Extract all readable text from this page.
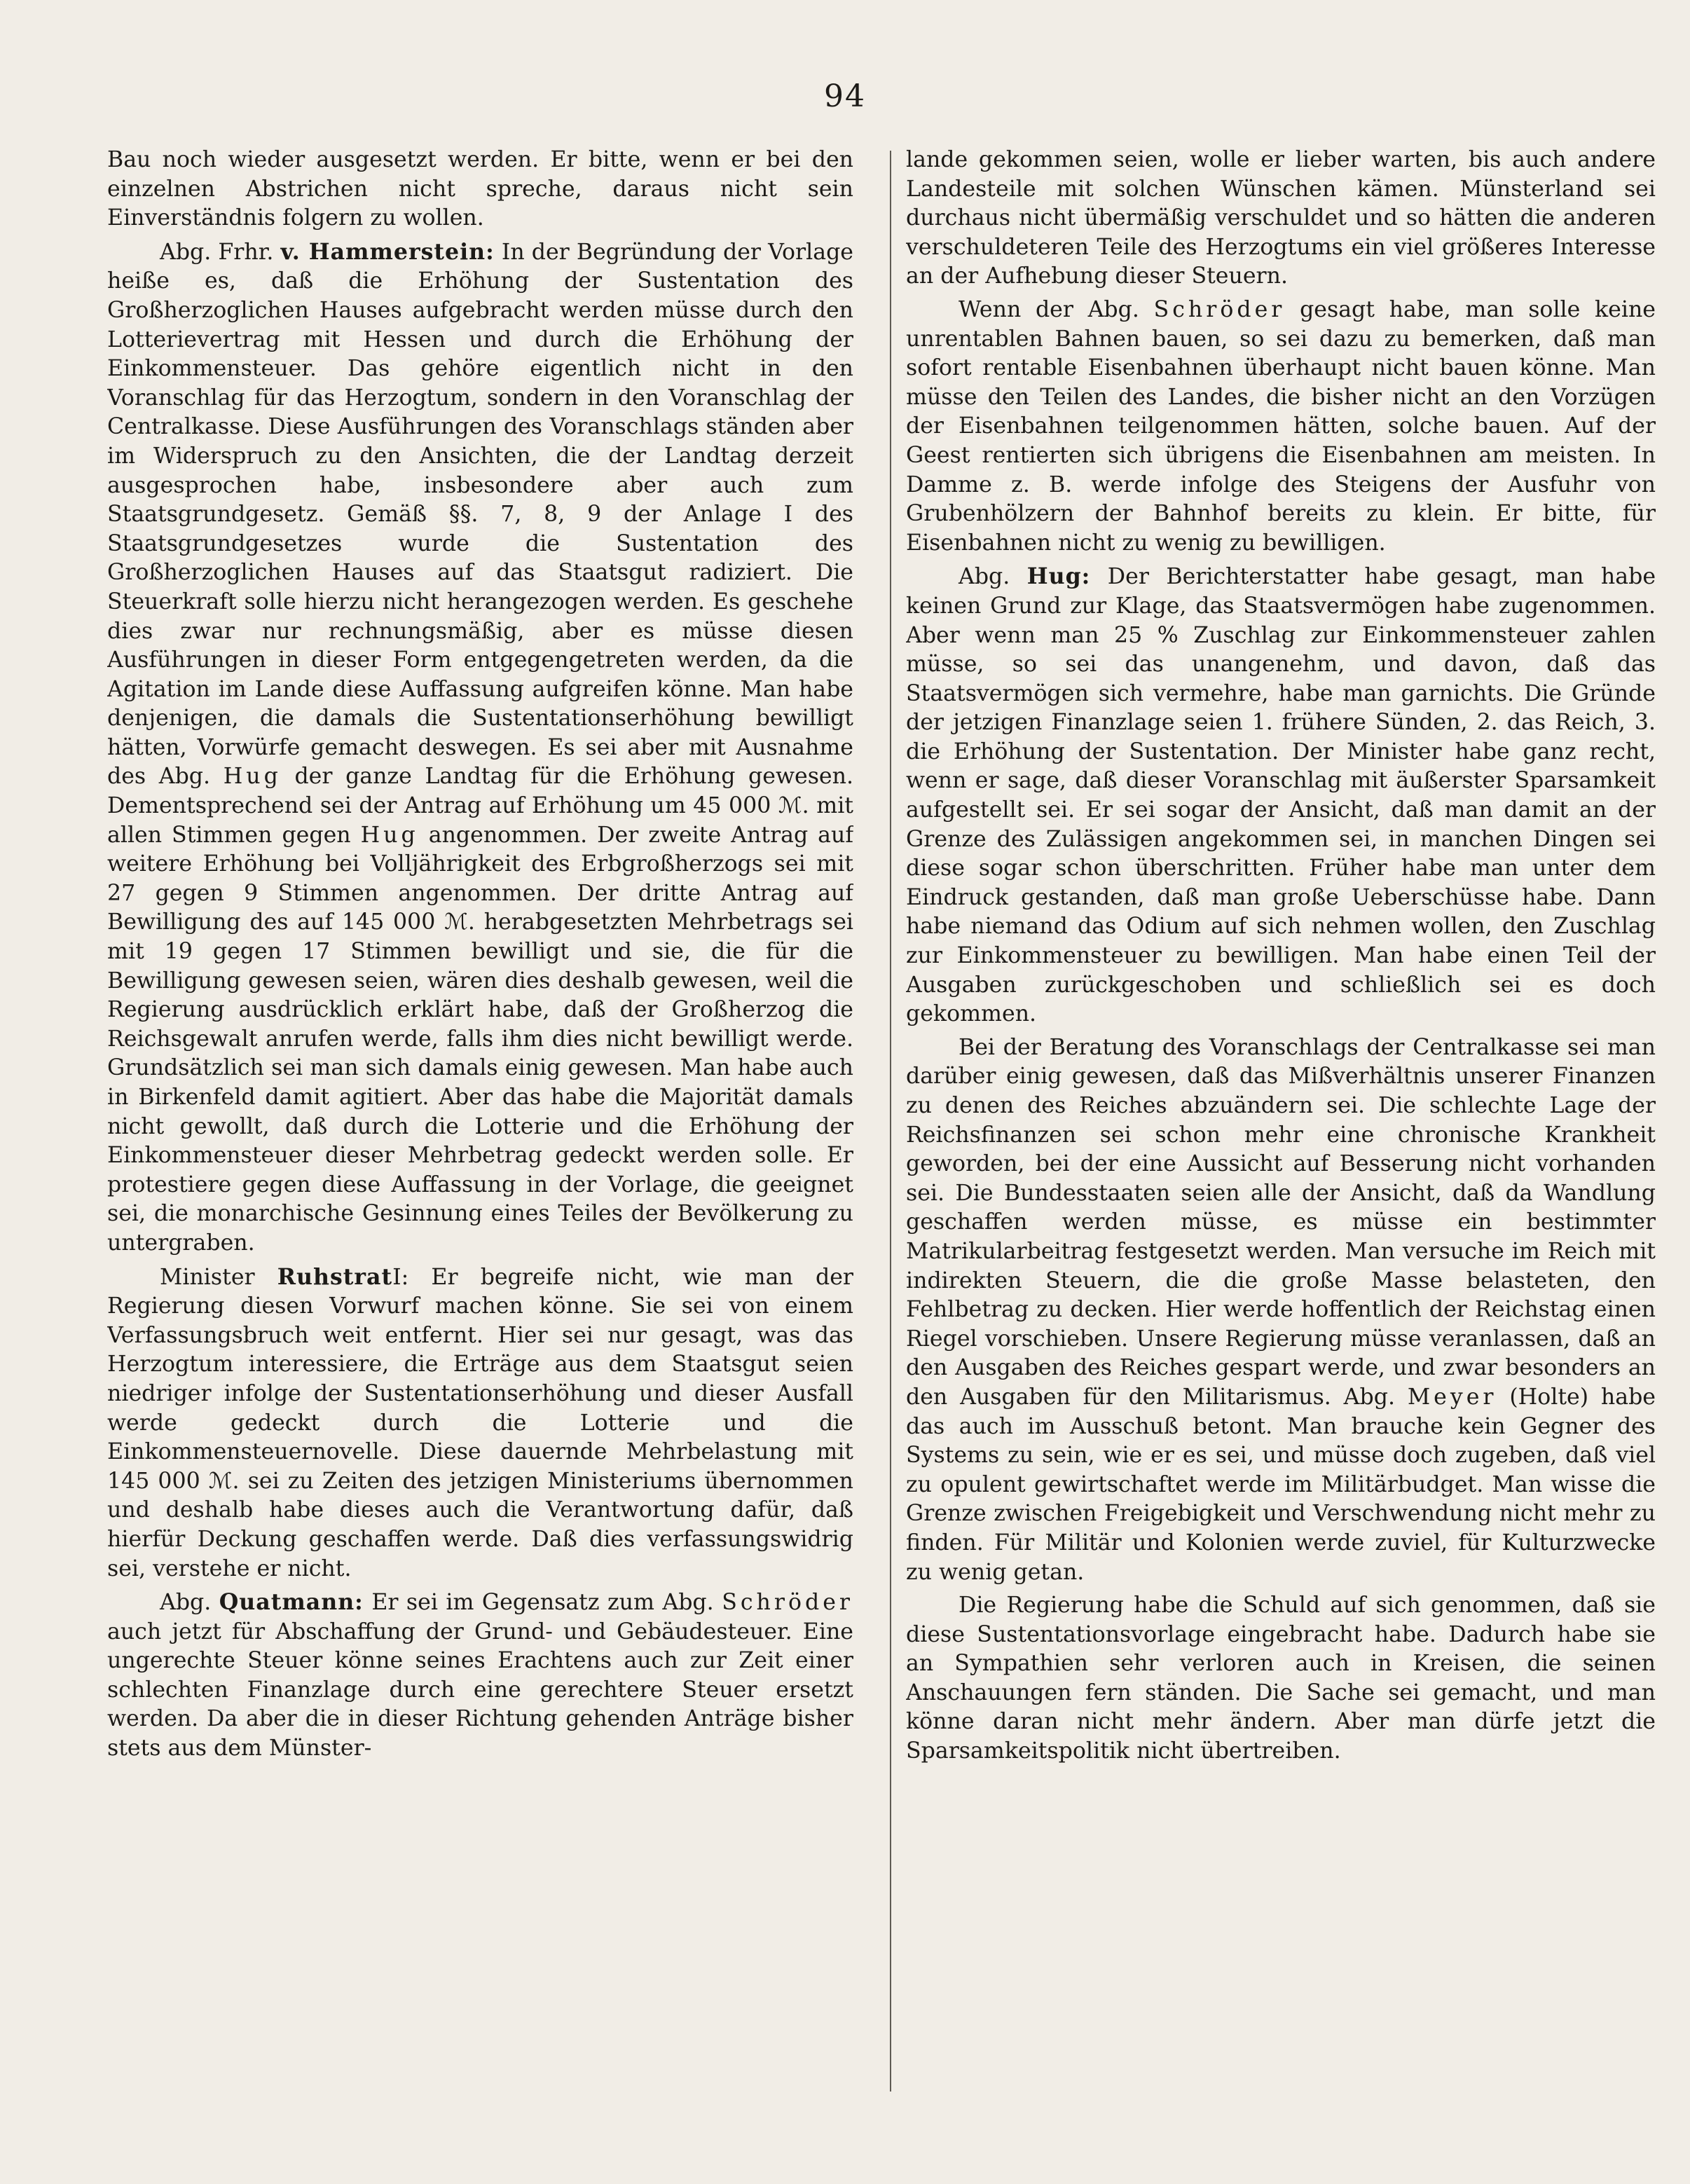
94

Bau noch wieder ausgesetzt werden. Er bitte, wenn er bei den einzelnen Abstrichen nicht spreche, daraus nicht sein Einverständnis folgern zu wollen.

Abg. Frhr. v. Hammerstein: In der Begründung der Vorlage heiße es, daß die Erhöhung der Sustentation des Großherzoglichen Hauses aufgebracht werden müsse durch den Lotterievertrag mit Hessen und durch die Erhöhung der Einkommensteuer. Das gehöre eigentlich nicht in den Voranschlag für das Herzogtum, sondern in den Voranschlag der Centralkasse. Diese Ausführungen des Voranschlags ständen aber im Widerspruch zu den Ansichten, die der Landtag derzeit ausgesprochen habe, insbesondere aber auch zum Staatsgrundgesetz. Gemäß §§. 7, 8, 9 der Anlage I des Staatsgrundgesetzes wurde die Sustentation des Großherzoglichen Hauses auf das Staatsgut radiziert. Die Steuerkraft solle hierzu nicht herangezogen werden. Es geschehe dies zwar nur rechnungsmäßig, aber es müsse diesen Ausführungen in dieser Form entgegengetreten werden, da die Agitation im Lande diese Auffassung aufgreifen könne. Man habe denjenigen, die damals die Sustentationserhöhung bewilligt hätten, Vorwürfe gemacht deswegen. Es sei aber mit Ausnahme des Abg. Hug der ganze Landtag für die Erhöhung gewesen. Dementsprechend sei der Antrag auf Erhöhung um 45 000 ℳ. mit allen Stimmen gegen Hug angenommen. Der zweite Antrag auf weitere Erhöhung bei Volljährigkeit des Erbgroßherzogs sei mit 27 gegen 9 Stimmen angenommen. Der dritte Antrag auf Bewilligung des auf 145 000 ℳ. herabgesetzten Mehrbetrags sei mit 19 gegen 17 Stimmen bewilligt und sie, die für die Bewilligung gewesen seien, wären dies deshalb gewesen, weil die Regierung ausdrücklich erklärt habe, daß der Großherzog die Reichsgewalt anrufen werde, falls ihm dies nicht bewilligt werde. Grundsätzlich sei man sich damals einig gewesen. Man habe auch in Birkenfeld damit agitiert. Aber das habe die Majorität damals nicht gewollt, daß durch die Lotterie und die Erhöhung der Einkommensteuer dieser Mehrbetrag gedeckt werden solle. Er protestiere gegen diese Auffassung in der Vorlage, die geeignet sei, die monarchische Gesinnung eines Teiles der Bevölkerung zu untergraben.

Minister RuhstratI: Er begreife nicht, wie man der Regierung diesen Vorwurf machen könne. Sie sei von einem Verfassungsbruch weit entfernt. Hier sei nur gesagt, was das Herzogtum interessiere, die Erträge aus dem Staatsgut seien niedriger infolge der Sustentationserhöhung und dieser Ausfall werde gedeckt durch die Lotterie und die Einkommensteuernovelle. Diese dauernde Mehrbelastung mit 145 000 ℳ. sei zu Zeiten des jetzigen Ministeriums übernommen und deshalb habe dieses auch die Verantwortung dafür, daß hierfür Deckung geschaffen werde. Daß dies verfassungswidrig sei, verstehe er nicht.

Abg. Quatmann: Er sei im Gegensatz zum Abg. Schröder auch jetzt für Abschaffung der Grund- und Gebäudesteuer. Eine ungerechte Steuer könne seines Erachtens auch zur Zeit einer schlechten Finanzlage durch eine gerechtere Steuer ersetzt werden. Da aber die in dieser Richtung gehenden Anträge bisher stets aus dem Münster-

lande gekommen seien, wolle er lieber warten, bis auch andere Landesteile mit solchen Wünschen kämen. Münsterland sei durchaus nicht übermäßig verschuldet und so hätten die anderen verschuldeteren Teile des Herzogtums ein viel größeres Interesse an der Aufhebung dieser Steuern.

Wenn der Abg. Schröder gesagt habe, man solle keine unrentablen Bahnen bauen, so sei dazu zu bemerken, daß man sofort rentable Eisenbahnen überhaupt nicht bauen könne. Man müsse den Teilen des Landes, die bisher nicht an den Vorzügen der Eisenbahnen teilgenommen hätten, solche bauen. Auf der Geest rentierten sich übrigens die Eisenbahnen am meisten. In Damme z. B. werde infolge des Steigens der Ausfuhr von Grubenhölzern der Bahnhof bereits zu klein. Er bitte, für Eisenbahnen nicht zu wenig zu bewilligen.

Abg. Hug: Der Berichterstatter habe gesagt, man habe keinen Grund zur Klage, das Staatsvermögen habe zugenommen. Aber wenn man 25 % Zuschlag zur Einkommensteuer zahlen müsse, so sei das unangenehm, und davon, daß das Staatsvermögen sich vermehre, habe man garnichts. Die Gründe der jetzigen Finanzlage seien 1. frühere Sünden, 2. das Reich, 3. die Erhöhung der Sustentation. Der Minister habe ganz recht, wenn er sage, daß dieser Voranschlag mit äußerster Sparsamkeit aufgestellt sei. Er sei sogar der Ansicht, daß man damit an der Grenze des Zulässigen angekommen sei, in manchen Dingen sei diese sogar schon überschritten. Früher habe man unter dem Eindruck gestanden, daß man große Ueberschüsse habe. Dann habe niemand das Odium auf sich nehmen wollen, den Zuschlag zur Einkommensteuer zu bewilligen. Man habe einen Teil der Ausgaben zurückgeschoben und schließlich sei es doch gekommen.

Bei der Beratung des Voranschlags der Centralkasse sei man darüber einig gewesen, daß das Mißverhältnis unserer Finanzen zu denen des Reiches abzuändern sei. Die schlechte Lage der Reichsfinanzen sei schon mehr eine chronische Krankheit geworden, bei der eine Aussicht auf Besserung nicht vorhanden sei. Die Bundesstaaten seien alle der Ansicht, daß da Wandlung geschaffen werden müsse, es müsse ein bestimmter Matrikularbeitrag festgesetzt werden. Man versuche im Reich mit indirekten Steuern, die die große Masse belasteten, den Fehlbetrag zu decken. Hier werde hoffentlich der Reichstag einen Riegel vorschieben. Unsere Regierung müsse veranlassen, daß an den Ausgaben des Reiches gespart werde, und zwar besonders an den Ausgaben für den Militarismus. Abg. Meyer (Holte) habe das auch im Ausschuß betont. Man brauche kein Gegner des Systems zu sein, wie er es sei, und müsse doch zugeben, daß viel zu opulent gewirtschaftet werde im Militärbudget. Man wisse die Grenze zwischen Freigebigkeit und Verschwendung nicht mehr zu finden. Für Militär und Kolonien werde zuviel, für Kulturzwecke zu wenig getan.

Die Regierung habe die Schuld auf sich genommen, daß sie diese Sustentationsvorlage eingebracht habe. Dadurch habe sie an Sympathien sehr verloren auch in Kreisen, die seinen Anschauungen fern ständen. Die Sache sei gemacht, und man könne daran nicht mehr ändern. Aber man dürfe jetzt die Sparsamkeitspolitik nicht übertreiben.
